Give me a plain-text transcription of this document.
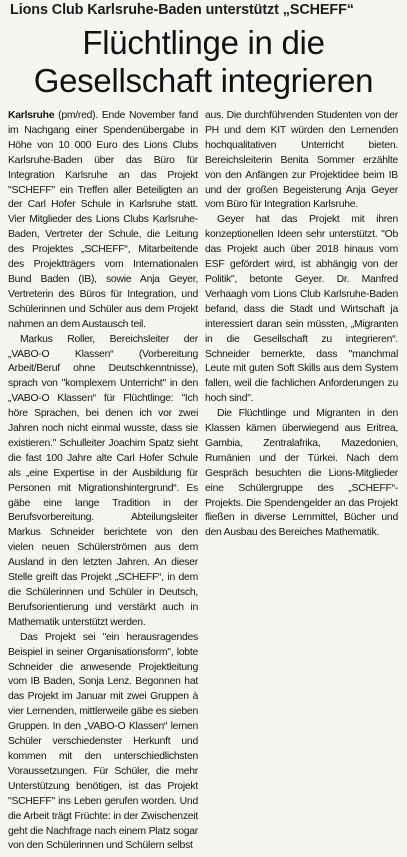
Lions Club Karlsruhe-Baden unterstützt „SCHEFF“
Flüchtlinge in die
Gesellschaft integrieren

Karlsruhe (pm/red). Ende November fand im Nachgang einer Spendenübergabe in Höhe von 10 000 Euro des Lions Clubs Karlsruhe-Baden über das Büro für Integration Karlsruhe an das Projekt "SCHEFF" ein Treffen aller Beteiligten an der Carl Hofer Schule in Karlsruhe statt. Vier Mitglieder des Lions Clubs Karlsruhe-Baden, Vertreter der Schule, die Leitung des Projektes „SCHEFF“, Mitarbeitende des Projektträgers vom Internationalen Bund Baden (IB), sowie Anja Geyer, Vertreterin des Büros für Integration, und Schülerinnen und Schüler aus dem Projekt nahmen an dem Austausch teil.

Markus Roller, Bereichsleiter der „VABO-O Klassen“ (Vorbereitung Arbeit/Beruf ohne Deutschkenntnisse), sprach von "komplexem Unterricht" in den „VABO-O Klassen“ für Flüchtlinge: "Ich höre Sprachen, bei denen ich vor zwei Jahren noch nicht einmal wusste, dass sie existieren." Schulleiter Joachim Spatz sieht die fast 100 Jahre alte Carl Hofer Schule als „eine Expertise in der Ausbildung für Personen mit Migrationshintergrund“. Es gäbe eine lange Tradition in der Berufsvorbereitung. Abteilungsleiter Markus Schneider berichtete von den vielen neuen Schülerströmen aus dem Ausland in den letzten Jahren. An dieser Stelle greift das Projekt „SCHEFF“, in dem die Schülerinnen und Schüler in Deutsch, Berufsorientierung und verstärkt auch in Mathematik unterstützt werden.

Das Projekt sei "ein herausragendes Beispiel in seiner Organisationsform", lobte Schneider die anwesende Projektleitung vom IB Baden, Sonja Lenz. Begonnen hat das Projekt im Januar mit zwei Gruppen à vier Lernenden, mittlerweile gäbe es sieben Gruppen. In den „VABO-O Klassen“ lernen Schüler verschiedenster Herkunft und kommen mit den unterschiedlichsten Voraussetzungen. Für Schüler, die mehr Unterstützung benötigen, ist das Projekt "SCHEFF" ins Leben gerufen worden. Und die Arbeit trägt Früchte: in der Zwischenzeit geht die Nachfrage nach einem Platz sogar von den Schülerinnen und Schülern selbst

aus. Die durchführenden Studenten von der PH und dem KIT würden den Lernenden hochqualitativen Unterricht bieten. Bereichsleiterin Benita Sommer erzählte von den Anfängen zur Projektidee beim IB und der großen Begeisterung Anja Geyer vom Büro für Integration Karlsruhe.

Geyer hat das Projekt mit ihren konzeptionellen Ideen sehr unterstützt. "Ob das Projekt auch über 2018 hinaus vom ESF gefördert wird, ist abhängig von der Politik", betonte Geyer. Dr. Manfred Verhaagh vom Lions Club Karlsruhe-Baden befand, dass die Stadt und Wirtschaft ja interessiert daran sein müssten, „Migranten in die Gesellschaft zu integrieren“. Schneider bemerkte, dass "manchmal Leute mit guten Soft Skills aus dem System fallen, weil die fachlichen Anforderungen zu hoch sind".

Die Flüchtlinge und Migranten in den Klassen kämen überwiegend aus Eritrea, Gambia, Zentralafrika, Mazedonien, Rumänien und der Türkei. Nach dem Gespräch besuchten die Lions-Mitglieder eine Schülergruppe des „SCHEFF“-Projekts. Die Spendengelder an das Projekt fließen in diverse Lernmittel, Bücher und den Ausbau des Bereiches Mathematik.
